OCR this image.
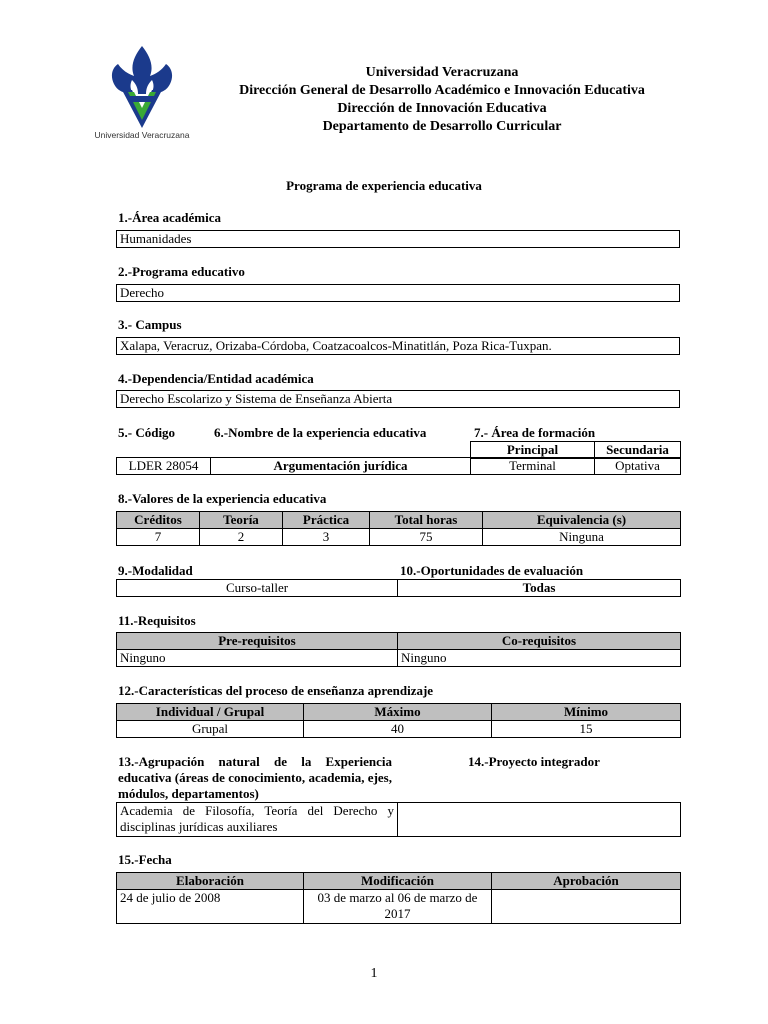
Universidad Veracruzana
Universidad Veracruzana
Dirección General de Desarrollo Académico e Innovación Educativa
Dirección de Innovación Educativa
Departamento de Desarrollo Curricular
Programa de experiencia educativa
1.-Área académica
Humanidades
2.-Programa educativo
Derecho
3.- Campus
Xalapa, Veracruz, Orizaba-Córdoba, Coatzacoalcos-Minatitlán, Poza Rica-Tuxpan.
4.-Dependencia/Entidad académica
Derecho Escolarizo y Sistema de Enseñanza Abierta
5.- Código	6.-Nombre de la experiencia educativa	7.- Área de formación
Principal	Secundaria
LDER 28054	Argumentación jurídica	Terminal	Optativa
8.-Valores de la experiencia educativa
Créditos	Teoría	Práctica	Total horas	Equivalencia (s)
7	2	3	75	Ninguna
9.-Modalidad	10.-Oportunidades de evaluación
Curso-taller	Todas
11.-Requisitos
Pre-requisitos	Co-requisitos
Ninguno	Ninguno
12.-Características del proceso de enseñanza aprendizaje
Individual / Grupal	Máximo	Mínimo
Grupal	40	15
13.-Agrupación natural de la Experiencia educativa (áreas de conocimiento, academia, ejes, módulos, departamentos)
14.-Proyecto integrador
Academia de Filosofía, Teoría del Derecho y disciplinas jurídicas auxiliares	
15.-Fecha
Elaboración	Modificación	Aprobación
24 de julio de 2008	03 de marzo al 06 de marzo de 2017	
1
